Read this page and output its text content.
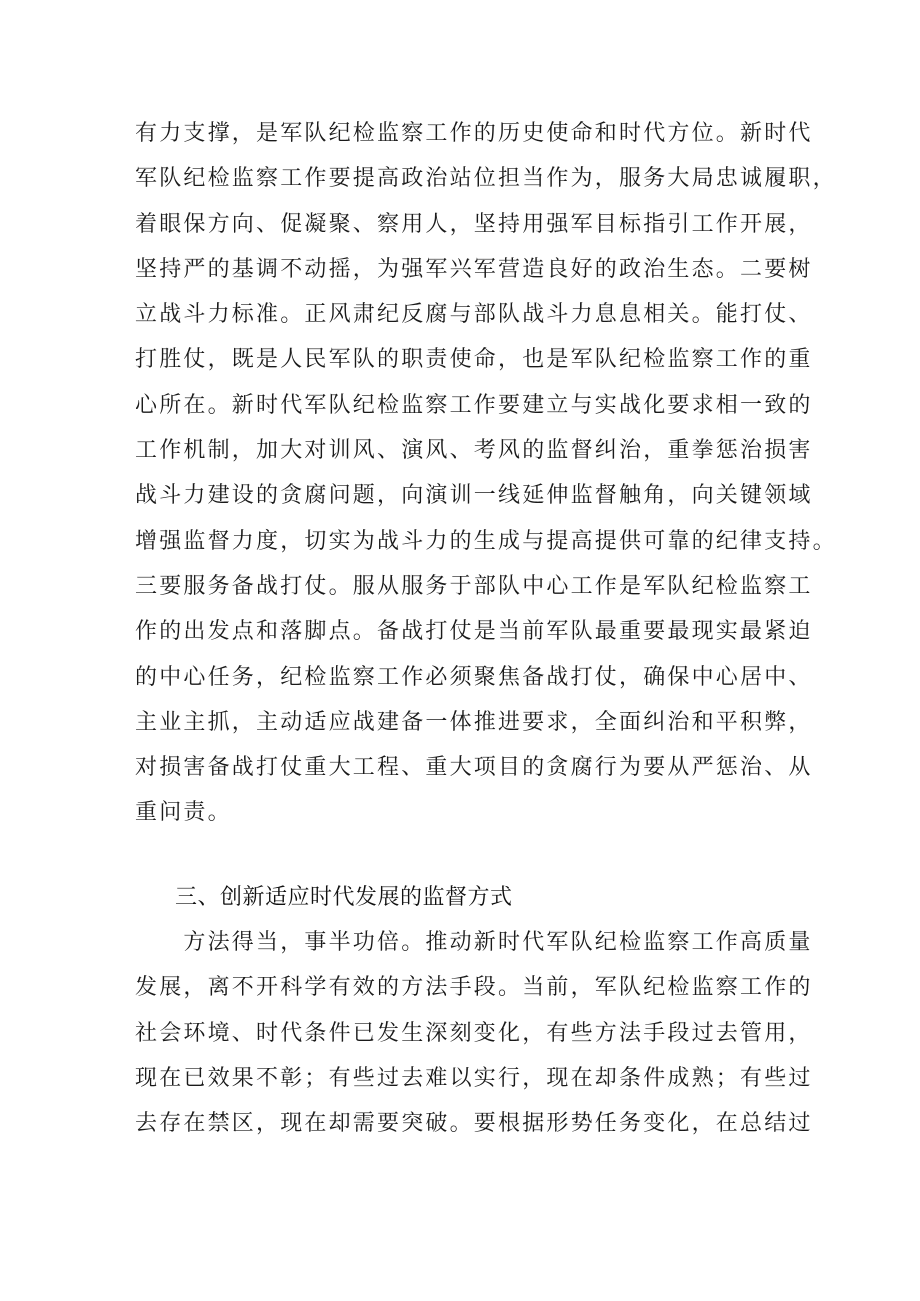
有力支撑，是军队纪检监察工作的历史使命和时代方位。新时代
军队纪检监察工作要提高政治站位担当作为，服务大局忠诚履职，
着眼保方向、促凝聚、察用人，坚持用强军目标指引工作开展，
坚持严的基调不动摇，为强军兴军营造良好的政治生态。二要树
立战斗力标准。正风肃纪反腐与部队战斗力息息相关。能打仗、
打胜仗，既是人民军队的职责使命，也是军队纪检监察工作的重
心所在。新时代军队纪检监察工作要建立与实战化要求相一致的
工作机制，加大对训风、演风、考风的监督纠治，重拳惩治损害
战斗力建设的贪腐问题，向演训一线延伸监督触角，向关键领域
增强监督力度，切实为战斗力的生成与提高提供可靠的纪律支持。
三要服务备战打仗。服从服务于部队中心工作是军队纪检监察工
作的出发点和落脚点。备战打仗是当前军队最重要最现实最紧迫
的中心任务，纪检监察工作必须聚焦备战打仗，确保中心居中、
主业主抓，主动适应战建备一体推进要求，全面纠治和平积弊，
对损害备战打仗重大工程、重大项目的贪腐行为要从严惩治、从
重问责。
三、创新适应时代发展的监督方式
　　方法得当，事半功倍。推动新时代军队纪检监察工作高质量
发展，离不开科学有效的方法手段。当前，军队纪检监察工作的
社会环境、时代条件已发生深刻变化，有些方法手段过去管用，
现在已效果不彰；有些过去难以实行，现在却条件成熟；有些过
去存在禁区，现在却需要突破。要根据形势任务变化，在总结过
